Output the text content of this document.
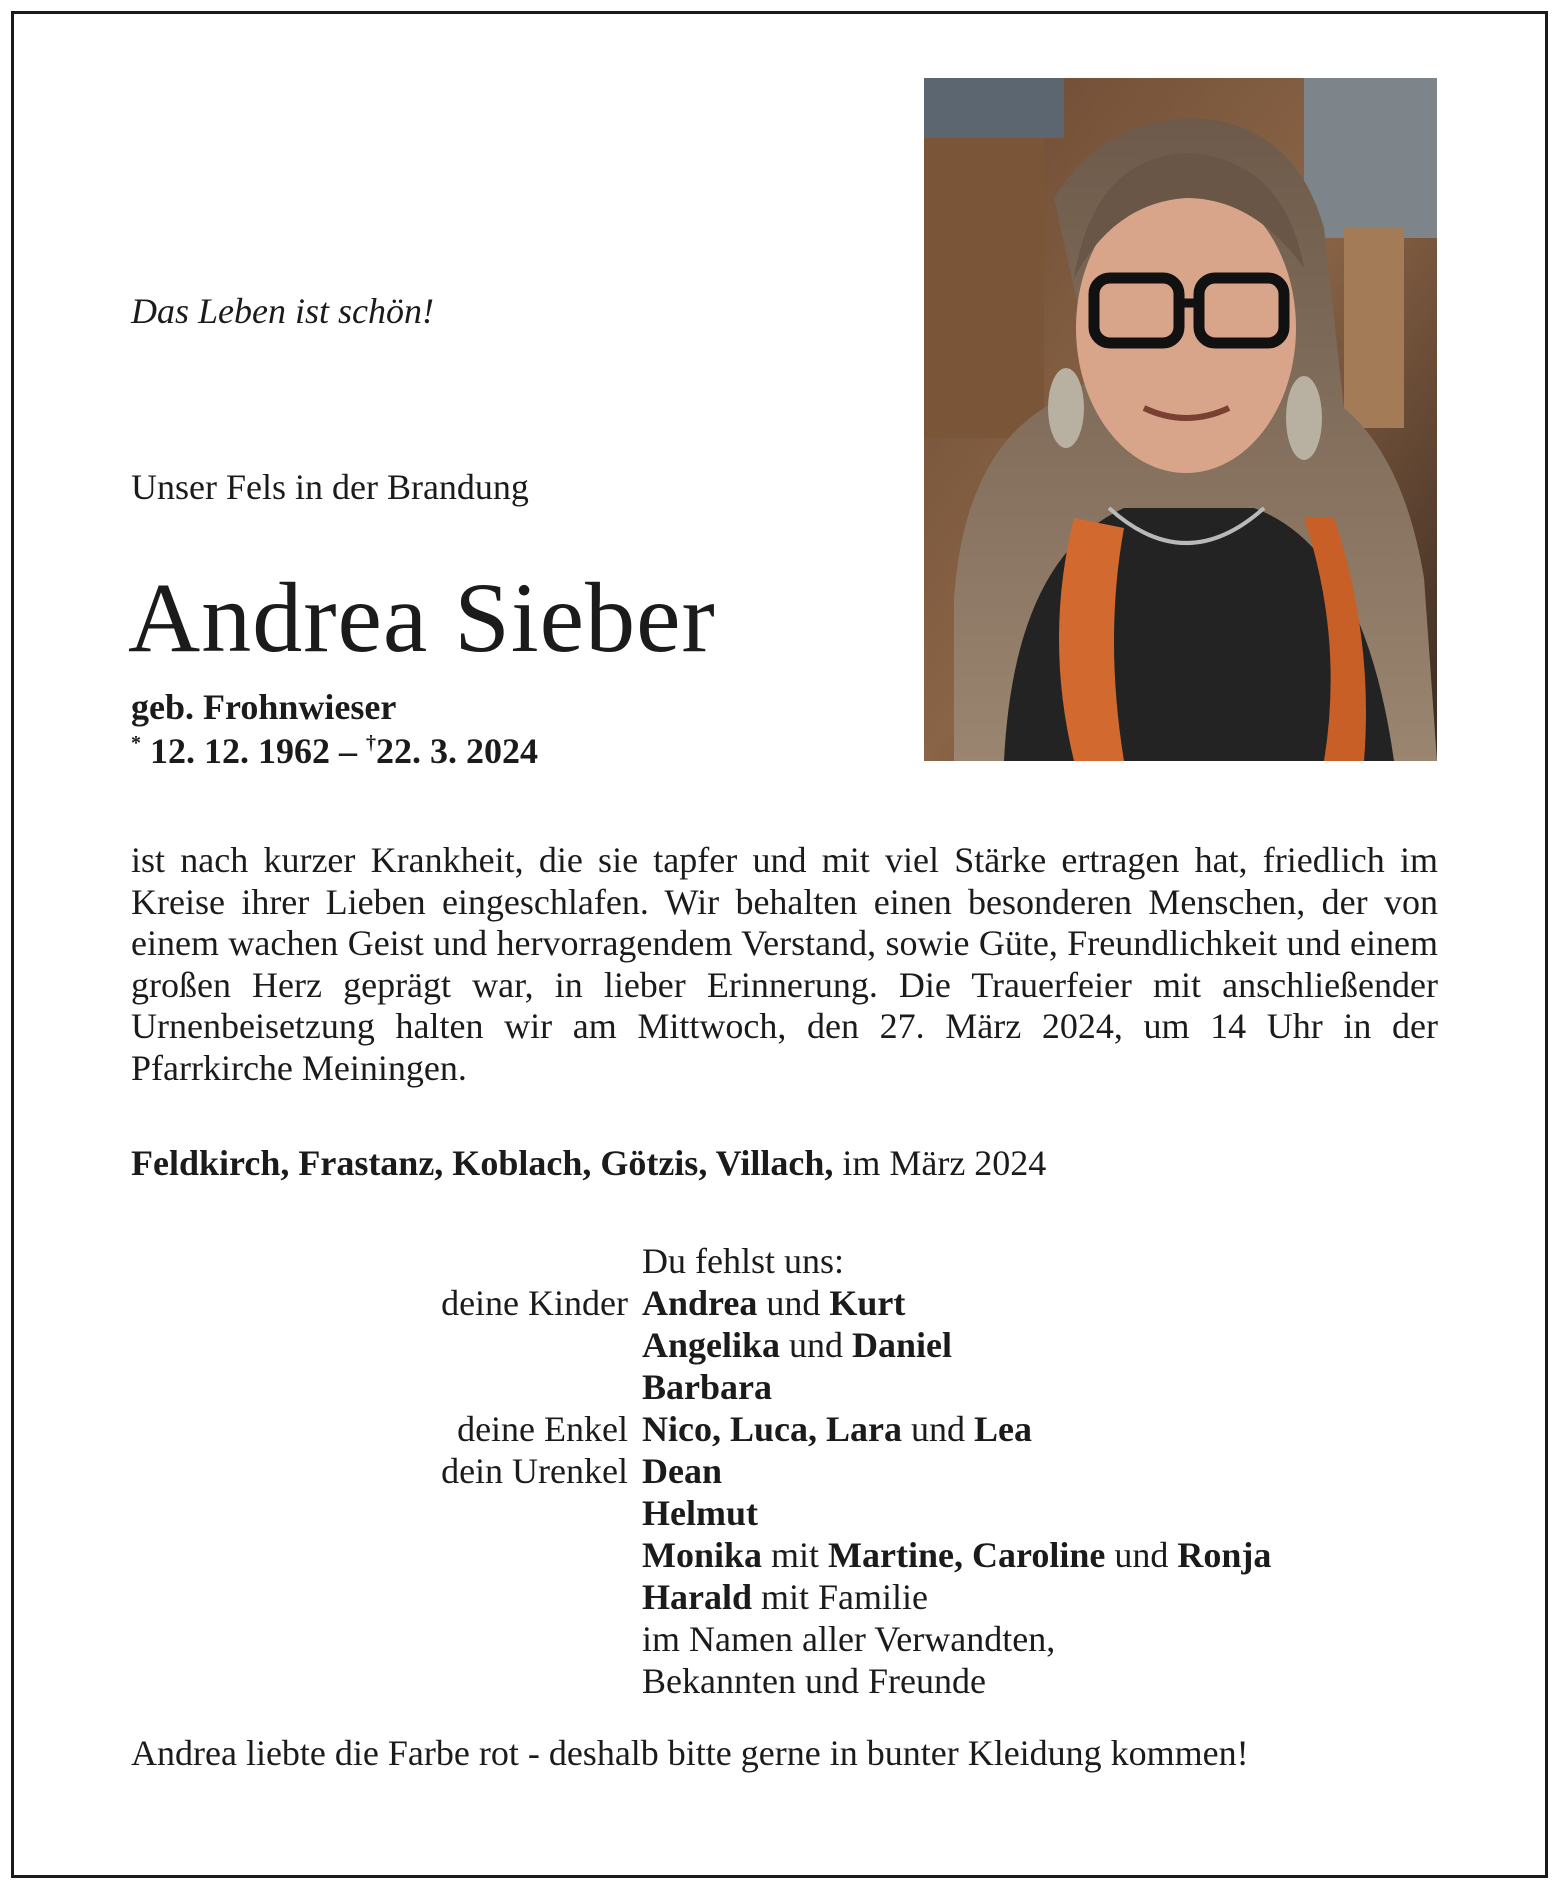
Das Leben ist schön!
Unser Fels in der Brandung
Andrea Sieber
geb. Frohnwieser
* 12. 12. 1962 – †22. 3. 2024
ist nach kurzer Krankheit, die sie tapfer und mit viel Stärke ertragen hat, friedlich im Kreise ihrer Lieben eingeschlafen. Wir behalten einen besonderen Menschen, der von einem wachen Geist und hervorragendem Verstand, sowie Güte, Freundlichkeit und einem großen Herz geprägt war, in lieber Erinnerung. Die Trauerfeier mit anschließender Urnenbeisetzung halten wir am Mittwoch, den 27. März 2024, um 14 Uhr in der Pfarrkirche Meiningen.
Feldkirch, Frastanz, Koblach, Götzis, Villach, im März 2024
Du fehlst uns:
deine Kinder Andrea und Kurt
Angelika und Daniel
Barbara
deine Enkel Nico, Luca, Lara und Lea
dein Urenkel Dean
Helmut
Monika mit Martine, Caroline und Ronja
Harald mit Familie
im Namen aller Verwandten,
Bekannten und Freunde
Andrea liebte die Farbe rot - deshalb bitte gerne in bunter Kleidung kommen!
